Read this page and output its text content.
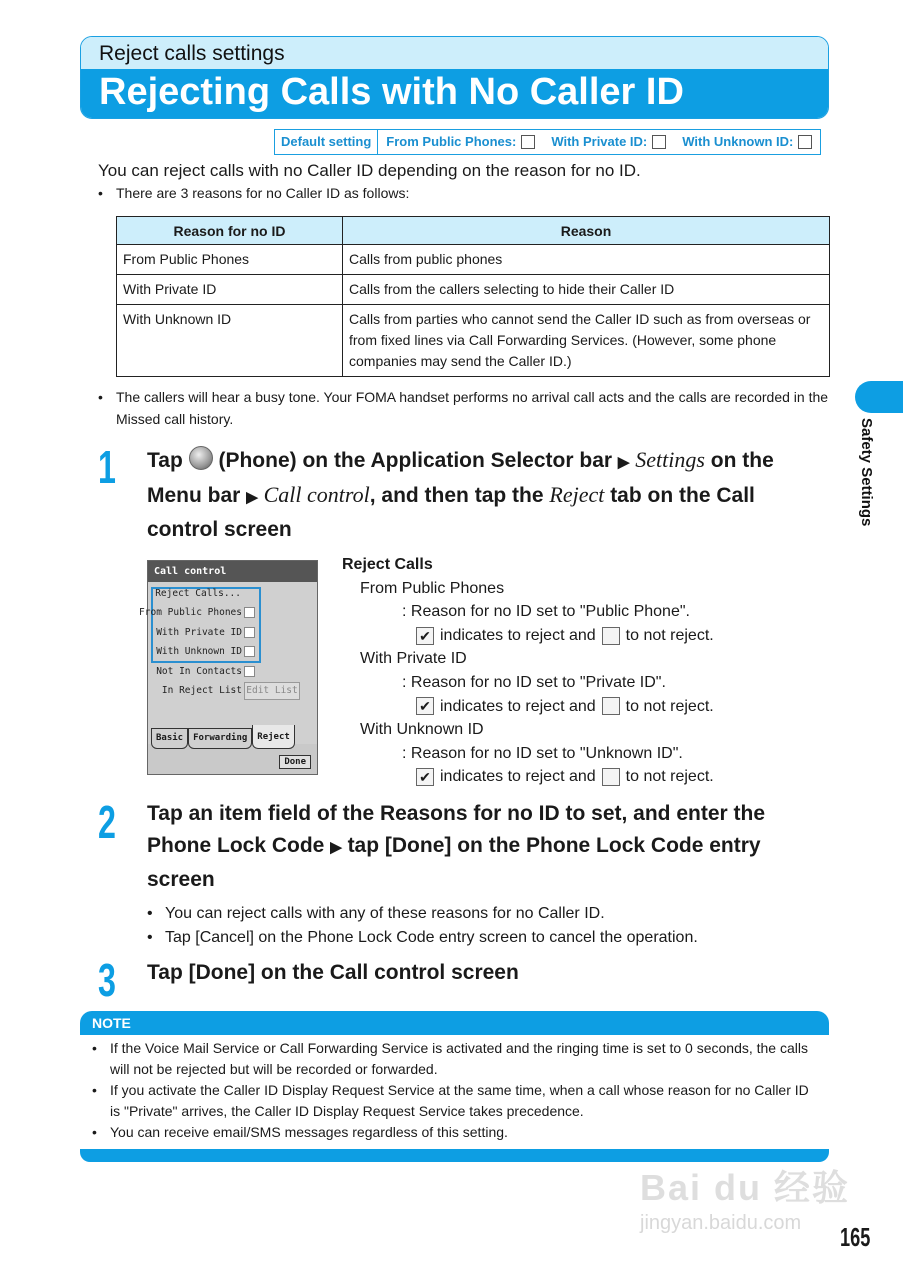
Reject calls settings
Rejecting Calls with No Caller ID
Default setting	From Public Phones:	With Private ID:	With Unknown ID:
You can reject calls with no Caller ID depending on the reason for no ID.
• There are 3 reasons for no Caller ID as follows:
Reason for no ID	Reason
From Public Phones	Calls from public phones
With Private ID	Calls from the callers selecting to hide their Caller ID
With Unknown ID	Calls from parties who cannot send the Caller ID such as from overseas or from fixed lines via Call Forwarding Services. (However, some phone companies may send the Caller ID.)
• The callers will hear a busy tone. Your FOMA handset performs no arrival call acts and the calls are recorded in the Missed call history.
1 Tap  (Phone) on the Application Selector bar ▶ Settings on the Menu bar ▶ Call control, and then tap the Reject tab on the Call control screen
Call control
Reject Calls...
From Public Phones
With Private ID
With Unknown ID
Not In Contacts
In Reject List Edit List
Basic	Forwarding	Reject
Done
Reject Calls
From Public Phones
: Reason for no ID set to "Public Phone".
✔ indicates to reject and to not reject.
With Private ID
: Reason for no ID set to "Private ID".
✔ indicates to reject and to not reject.
With Unknown ID
: Reason for no ID set to "Unknown ID".
✔ indicates to reject and to not reject.
2 Tap an item field of the Reasons for no ID to set, and enter the Phone Lock Code ▶ tap [Done] on the Phone Lock Code entry screen
• You can reject calls with any of these reasons for no Caller ID.
• Tap [Cancel] on the Phone Lock Code entry screen to cancel the operation.
3 Tap [Done] on the Call control screen
NOTE
• If the Voice Mail Service or Call Forwarding Service is activated and the ringing time is set to 0 seconds, the calls will not be rejected but will be recorded or forwarded.
• If you activate the Caller ID Display Request Service at the same time, when a call whose reason for no Caller ID is "Private" arrives, the Caller ID Display Request Service takes precedence.
• You can receive email/SMS messages regardless of this setting.
Safety Settings
Bai du 经验
jingyan.baidu.com 165
